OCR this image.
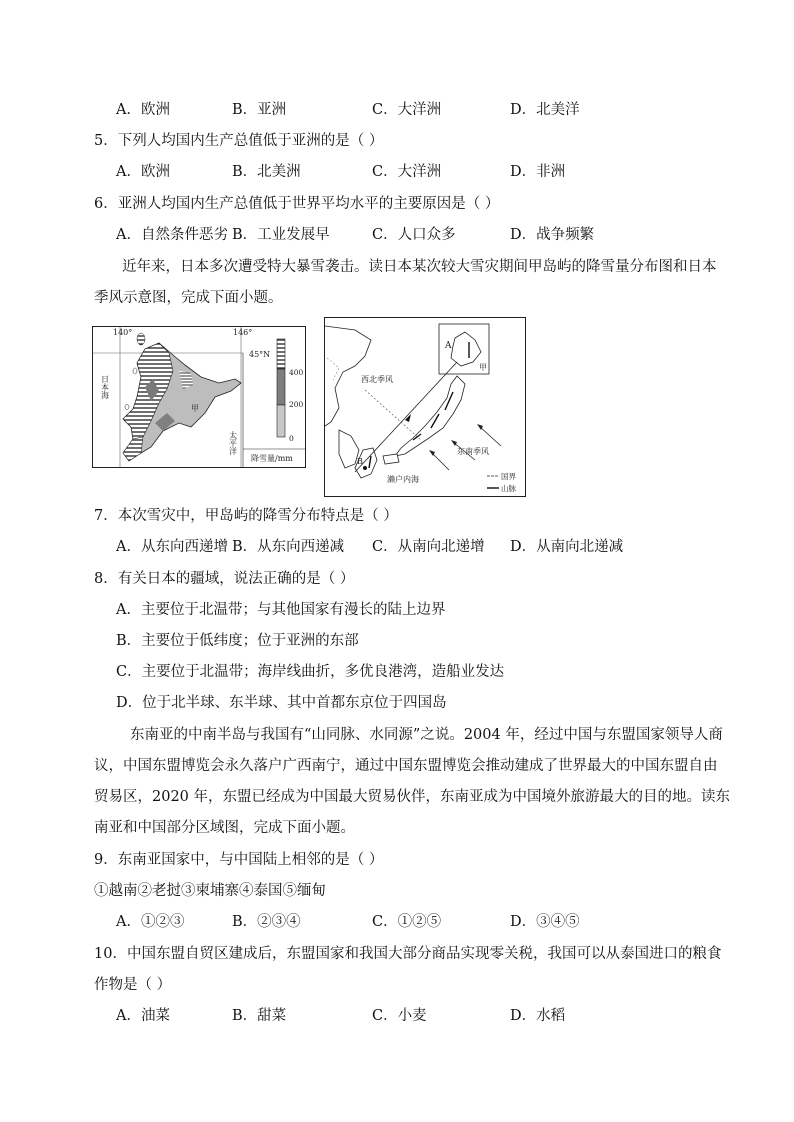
A．欧洲	B．亚洲	C．大洋洲	D．北美洋
5．下列人均国内生产总值低于亚洲的是（ ）
A．欧洲	B．北美洲	C．大洋洲	D．非洲
6．亚洲人均国内生产总值低于世界平均水平的主要原因是（ ）
A．自然条件恶劣 B．工业发展早	C．人口众多	D．战争频繁
近年来，日本多次遭受特大暴雪袭击。读日本某次较大雪灾期间甲岛屿的降雪量分布图和日本
季风示意图，完成下面小题。
140°	146°
45°N
日本海
甲
太平洋
400
200
0
降雪量/mm
A
甲
B
西北季风
东南季风
濑户内海	国界
山脉
7．本次雪灾中，甲岛屿的降雪分布特点是（ ）
A．从东向西递增 B．从东向西递减 C．从南向北递增 D．从南向北递减
8．有关日本的疆域，说法正确的是（ ）
A．主要位于北温带；与其他国家有漫长的陆上边界
B．主要位于低纬度；位于亚洲的东部
C．主要位于北温带；海岸线曲折，多优良港湾，造船业发达
D．位于北半球、东半球、其中首都东京位于四国岛
东南亚的中南半岛与我国有“山同脉、水同源”之说。2004 年，经过中国与东盟国家领导人商
议，中国东盟博览会永久落户广西南宁，通过中国东盟博览会推动建成了世界最大的中国东盟自由
贸易区，2020 年，东盟已经成为中国最大贸易伙伴，东南亚成为中国境外旅游最大的目的地。读东
南亚和中国部分区域图，完成下面小题。
9．东南亚国家中，与中国陆上相邻的是（ ）
①越南②老挝③柬埔寨④泰国⑤缅甸
A．①②③	B．②③④	C．①②⑤	D．③④⑤
10．中国东盟自贸区建成后，东盟国家和我国大部分商品实现零关税，我国可以从泰国进口的粮食
作物是（ ）
A．油菜	B．甜菜	C．小麦	D．水稻
